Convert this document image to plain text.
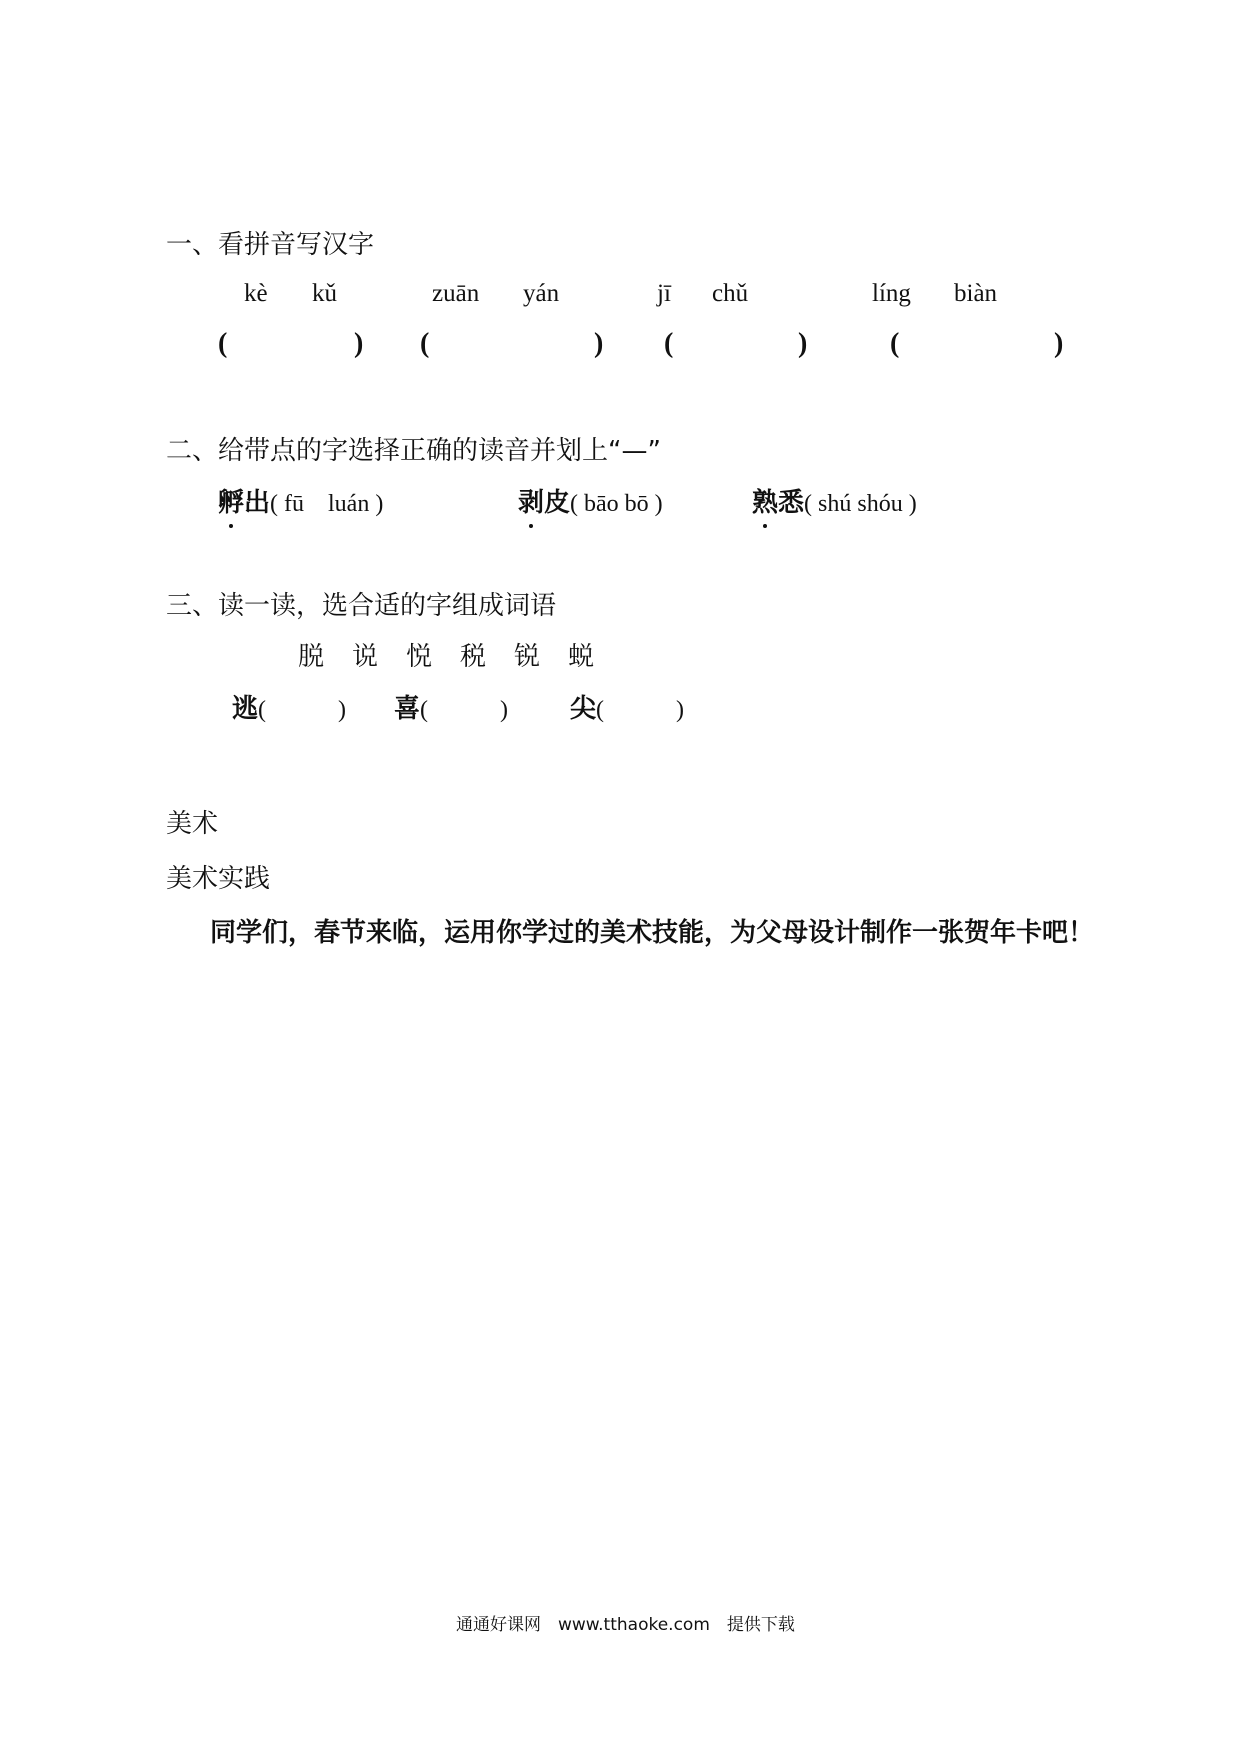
一、看拼音写汉字
kè kǔ	zuān yán	jī chǔ	líng biàn
(	) (	) (	)	(	)
二、给带点的字选择正确的读音并划上“—”
孵出( fū　luán )	剥皮( bāo bō )	熟悉( shú shóu )
三、读一读，选合适的字组成词语
脱 说 悦 税 锐 蜕
逃(　　　) 喜(　　　) 尖(　　　)
美术
美术实践
同学们，春节来临，运用你学过的美术技能，为父母设计制作一张贺年卡吧！
通通好课网　www.tthaoke.com　提供下载
